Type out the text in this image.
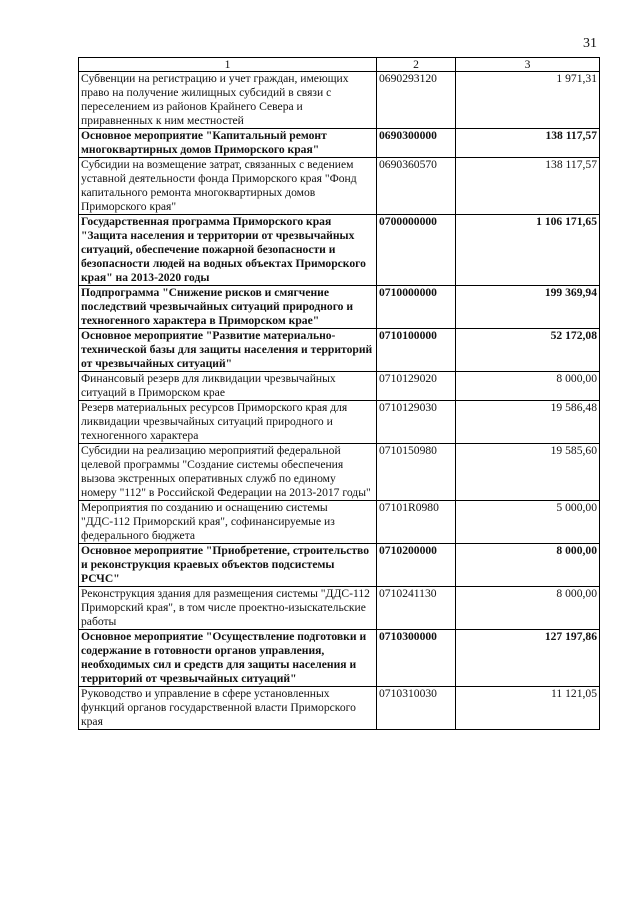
31
1	2	3
Субвенции на регистрацию и учет граждан, имеющих право на получение жилищных субсидий в связи с переселением из районов Крайнего Севера и приравненных к ним местностей	0690293120	1 971,31
Основное мероприятие "Капитальный ремонт многоквартирных домов Приморского края"	0690300000	138 117,57
Субсидии на возмещение затрат, связанных с ведением уставной деятельности фонда Приморского края "Фонд капитального ремонта многоквартирных домов Приморского края"	0690360570	138 117,57
Государственная программа Приморского края "Защита населения и территории от чрезвычайных ситуаций, обеспечение пожарной безопасности и безопасности людей на водных объектах Приморского края" на 2013-2020 годы	0700000000	1 106 171,65
Подпрограмма "Снижение рисков и смягчение последствий чрезвычайных ситуаций природного и техногенного характера в Приморском крае"	0710000000	199 369,94
Основное мероприятие "Развитие материально-технической базы для защиты населения и территорий от чрезвычайных ситуаций"	0710100000	52 172,08
Финансовый резерв для ликвидации чрезвычайных ситуаций в Приморском крае	0710129020	8 000,00
Резерв материальных ресурсов Приморского края для ликвидации чрезвычайных ситуаций природного и техногенного характера	0710129030	19 586,48
Субсидии на реализацию мероприятий федеральной целевой программы "Создание системы обеспечения вызова экстренных оперативных служб по единому номеру "112" в Российской Федерации на 2013-2017 годы"	0710150980	19 585,60
Мероприятия по созданию и оснащению системы "ДДС-112 Приморский края", софинансируемые из федерального бюджета	07101R0980	5 000,00
Основное мероприятие "Приобретение, строительство и реконструкция краевых объектов подсистемы РСЧС"	0710200000	8 000,00
Реконструкция здания для размещения системы "ДДС-112 Приморский края", в том числе проектно-изыскательские работы	0710241130	8 000,00
Основное мероприятие "Осуществление подготовки и содержание в готовности органов управления, необходимых сил и средств для защиты населения и территорий от чрезвычайных ситуаций"	0710300000	127 197,86
Руководство и управление в сфере установленных функций органов государственной власти Приморского края	0710310030	11 121,05
